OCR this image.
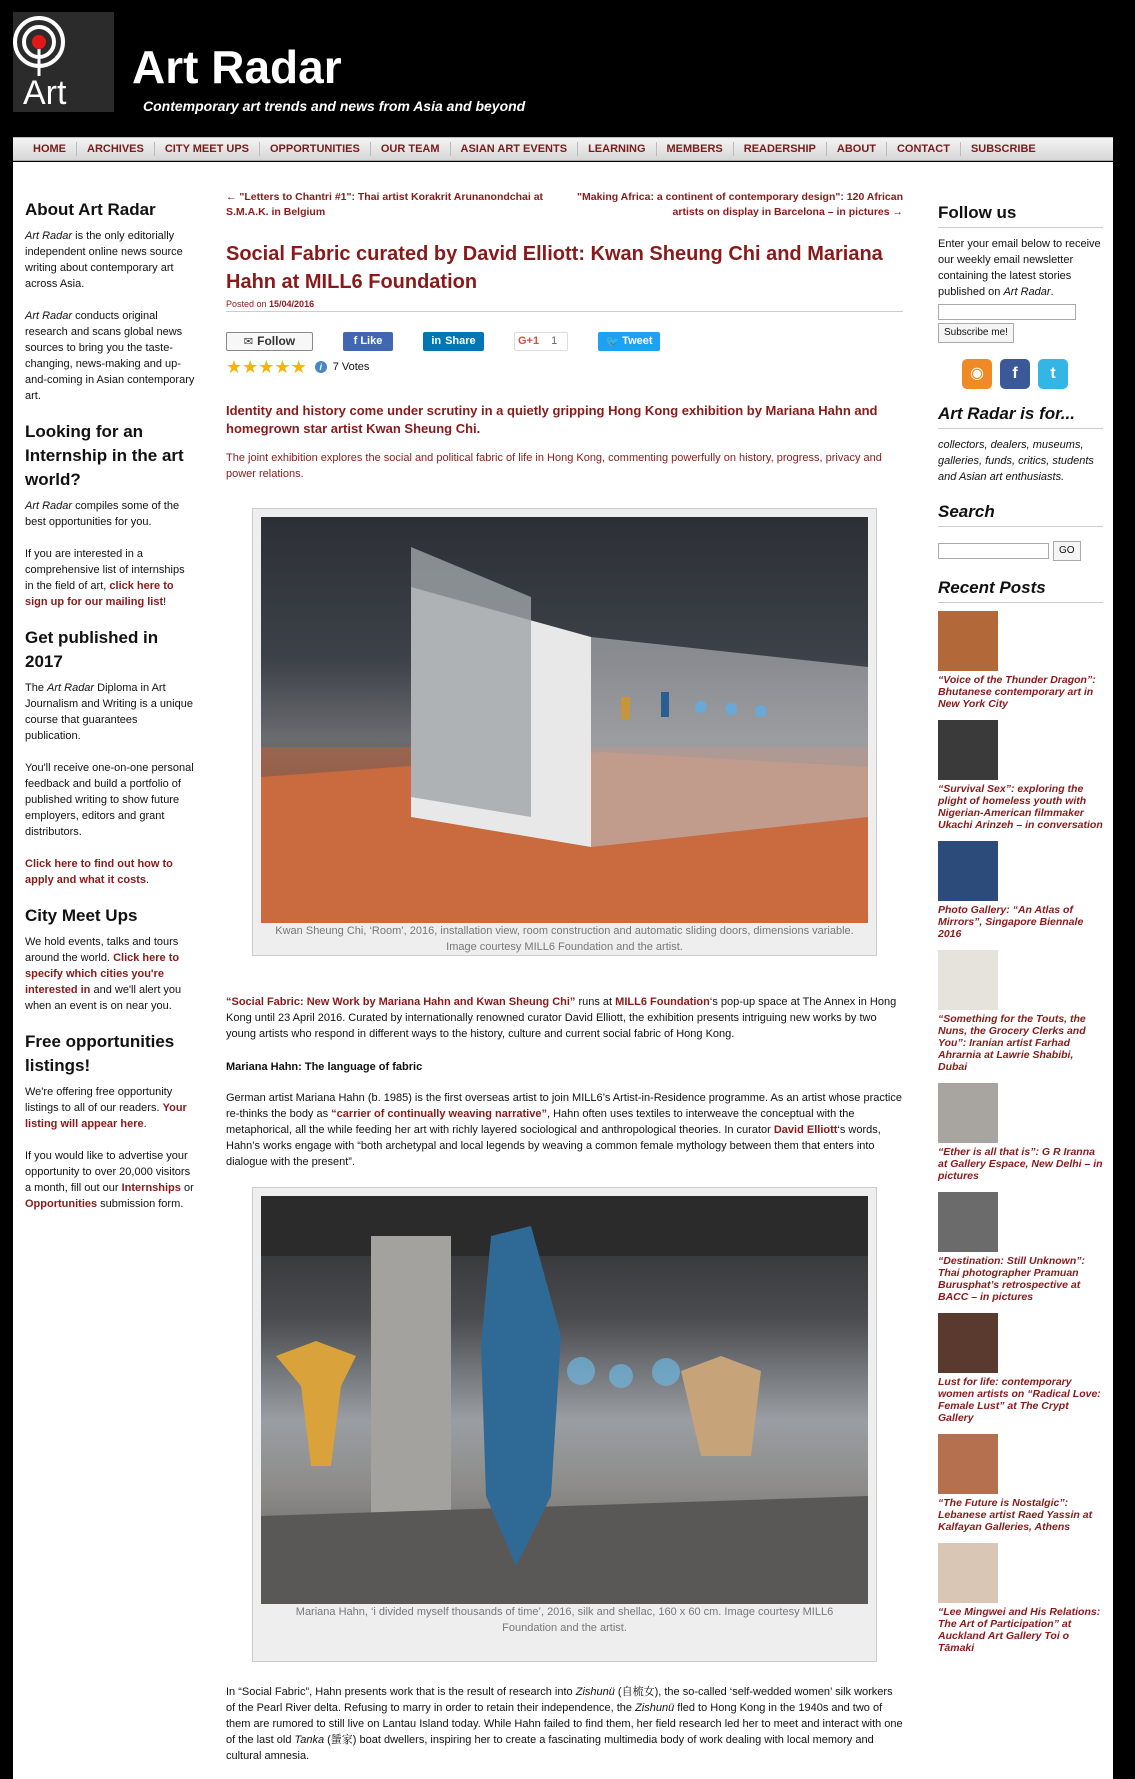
Art Art Radar
Contemporary art trends and news from Asia and beyond
HOME	ARCHIVES	CITY MEET UPS	OPPORTUNITIES	OUR TEAM	ASIAN ART EVENTS	LEARNING	MEMBERS	READERSHIP	ABOUT	CONTACT	SUBSCRIBE
About Art Radar

Art Radar is the only editorially independent online news source writing about contemporary art across Asia.

Art Radar conducts original research and scans global news sources to bring you the taste-changing, news-making and up-and-coming in Asian contemporary art.

Looking for an Internship in the art world?

Art Radar compiles some of the best opportunities for you.

If you are interested in a comprehensive list of internships in the field of art, click here to sign up for our mailing list!

Get published in 2017

The Art Radar Diploma in Art Journalism and Writing is a unique course that guarantees publication.

You'll receive one-on-one personal feedback and build a portfolio of published writing to show future employers, editors and grant distributors.

Click here to find out how to apply and what it costs.

City Meet Ups

We hold events, talks and tours around the world. Click here to specify which cities you're interested in and we'll alert you when an event is on near you.

Free opportunities listings!

We're offering free opportunity listings to all of our readers. Your listing will appear here.

If you would like to advertise your opportunity to over 20,000 visitors a month, fill out our Internships or Opportunities submission form.

← "Letters to Chantri #1": Thai artist Korakrit Arunanondchai at S.M.A.K. in Belgium
"Making Africa: a continent of contemporary design": 120 African artists on display in Barcelona – in pictures →
Social Fabric curated by David Elliott: Kwan Sheung Chi and Mariana Hahn at MILL6 Foundation
Posted on 15/04/2016
✉ Follow	f Like	in Share	G+1 1	🐦 Tweet
★ ★ ★ ★ ★	i 7 Votes
Identity and history come under scrutiny in a quietly gripping Hong Kong exhibition by Mariana Hahn and homegrown star artist Kwan Sheung Chi.
The joint exhibition explores the social and political fabric of life in Hong Kong, commenting powerfully on history, progress, privacy and power relations.
Kwan Sheung Chi, ‘Room’, 2016, installation view, room construction and automatic sliding doors, dimensions variable. Image courtesy MILL6 Foundation and the artist.

“Social Fabric: New Work by Mariana Hahn and Kwan Sheung Chi” runs at MILL6 Foundation‘s pop-up space at The Annex in Hong Kong until 23 April 2016. Curated by internationally renowned curator David Elliott, the exhibition presents intriguing new works by two young artists who respond in different ways to the history, culture and current social fabric of Hong Kong.

Mariana Hahn: The language of fabric

German artist Mariana Hahn (b. 1985) is the first overseas artist to join MILL6’s Artist-in-Residence programme. As an artist whose practice re-thinks the body as “carrier of continually weaving narrative”, Hahn often uses textiles to interweave the conceptual with the metaphorical, all the while feeding her art with richly layered sociological and anthropological theories. In curator David Elliott‘s words, Hahn’s works engage with “both archetypal and local legends by weaving a common female mythology between them that enters into dialogue with the present”.

Mariana Hahn, ‘i divided myself thousands of time’, 2016, silk and shellac, 160 x 60 cm. Image courtesy MILL6 Foundation and the artist.

In “Social Fabric”, Hahn presents work that is the result of research into Zishunü (自梳女), the so-called ‘self-wedded women’ silk workers of the Pearl River delta. Refusing to marry in order to retain their independence, the Zishunü fled to Hong Kong in the 1940s and two of them are rumored to still live on Lantau Island today. While Hahn failed to find them, her field research led her to meet and interact with one of the last old Tanka (蜑家) boat dwellers, inspiring her to create a fascinating multimedia body of work dealing with local memory and cultural amnesia.

Follow us
Enter your email below to receive our weekly email newsletter containing the latest stories published on Art Radar.
Subscribe me!
◉	f	t
Art Radar is for...
collectors, dealers, museums, galleries, funds, critics, students and Asian art enthusiasts.
Search
GO
Recent Posts
“Voice of the Thunder Dragon”: Bhutanese contemporary art in New York City
“Survival Sex”: exploring the plight of homeless youth with Nigerian-American filmmaker Ukachi Arinzeh – in conversation
Photo Gallery: “An Atlas of Mirrors”, Singapore Biennale 2016
“Something for the Touts, the Nuns, the Grocery Clerks and You”: Iranian artist Farhad Ahrarnia at Lawrie Shabibi, Dubai
“Ether is all that is”: G R Iranna at Gallery Espace, New Delhi – in pictures
“Destination: Still Unknown”: Thai photographer Pramuan Burusphat’s retrospective at BACC – in pictures
Lust for life: contemporary women artists on “Radical Love: Female Lust” at The Crypt Gallery
“The Future is Nostalgic”: Lebanese artist Raed Yassin at Kalfayan Galleries, Athens
“Lee Mingwei and His Relations: The Art of Participation” at Auckland Art Gallery Toi o Tāmaki
